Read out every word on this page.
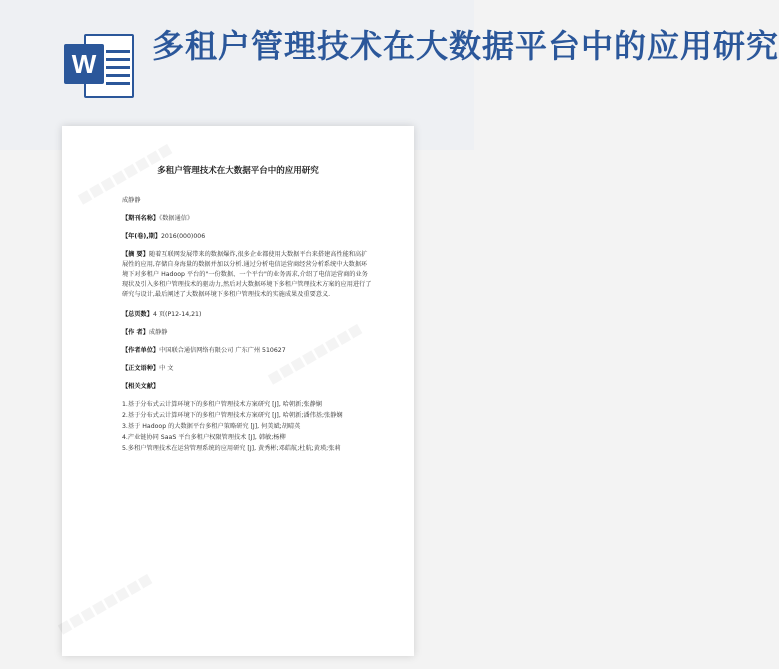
W 多租户管理技术在大数据平台中的应用研究
多租户管理技术在大数据平台中的应用研究
成静静
【期刊名称】《数据通信》
【年(卷),期】2016(000)006
【摘 要】随着互联网发展带来的数据爆炸,很多企业都使用大数据平台来搭建高性能和高扩展性的应用,存储自身海量的数据并加以分析.通过分析电信运营商经营分析系统中大数据环境下对多租户 Hadoop 平台的"一份数据、一个平台"的业务需求,介绍了电信运营商的业务现状及引入多租户管理技术的驱动力,然后对大数据环境下多租户管理技术方案的应用进行了研究与设计,最后阐述了大数据环境下多租户管理技术的实施成果及重要意义.
【总页数】4 页(P12-14,21)
【作 者】成静静
【作者单位】中国联合通信网络有限公司 广东广州 510627
【正文语种】中 文
【相关文献】
1.基于分布式云计算环境下的多租户管理技术方案研究 [J], 哈朝新;张静娴
2.基于分布式云计算环境下的多租户管理技术方案研究 [J], 哈朝新;潘伟基;张静娴
3.基于 Hadoop 的大数据平台多租户策略研究 [J], 何美斌;胡晴英
4.产业链协同 SaaS 平台多租户权限管理技术 [J], 韩敏;杨柳
5.多租户管理技术在运营管理系统的应用研究 [J], 黄秀彬;邓皓航;杜航;黄瑛;张莉
